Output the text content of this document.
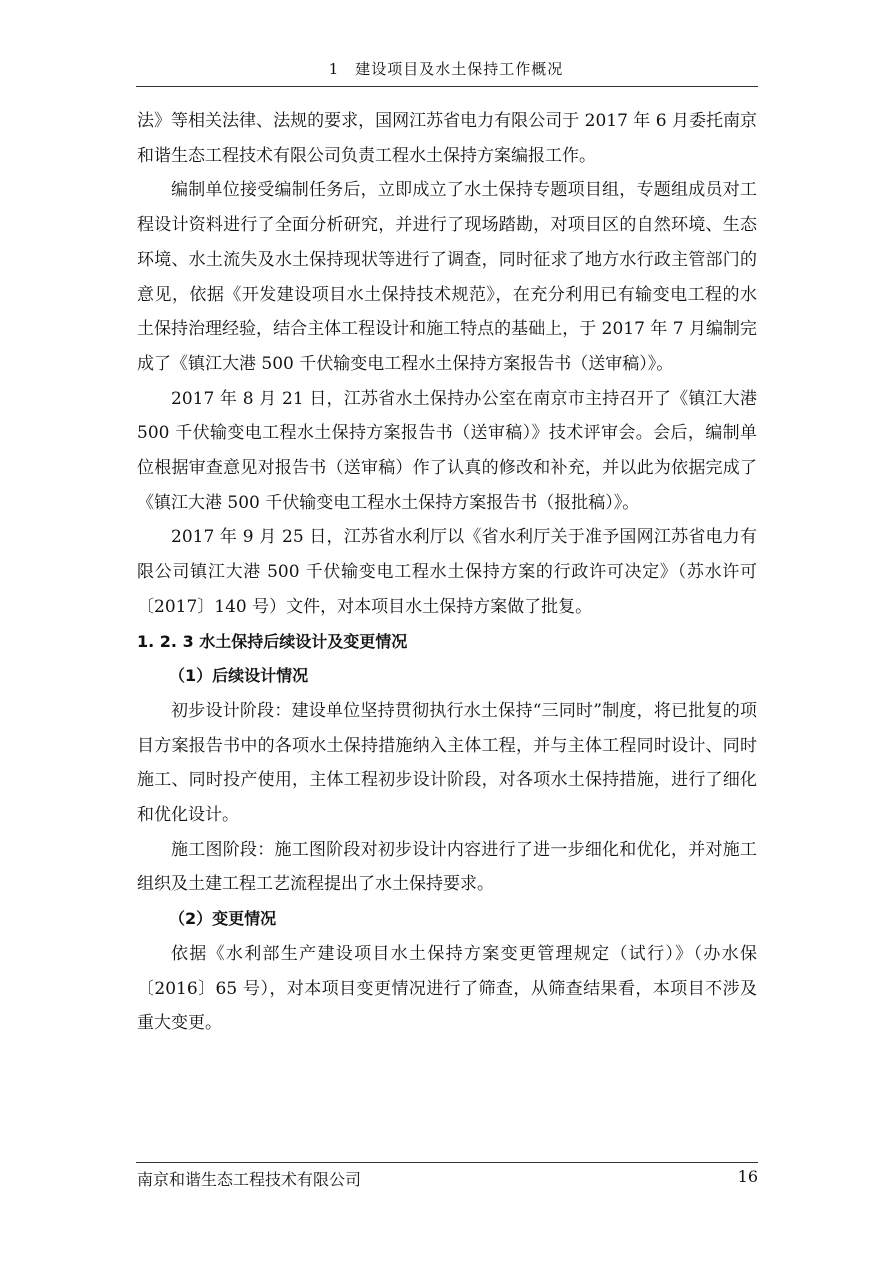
1　建设项目及水土保持工作概况

法》等相关法律、法规的要求，国网江苏省电力有限公司于 2017 年 6 月委托南京和谐生态工程技术有限公司负责工程水土保持方案编报工作。

编制单位接受编制任务后，立即成立了水土保持专题项目组，专题组成员对工程设计资料进行了全面分析研究，并进行了现场踏勘，对项目区的自然环境、生态环境、水土流失及水土保持现状等进行了调查，同时征求了地方水行政主管部门的意见，依据《开发建设项目水土保持技术规范》，在充分利用已有输变电工程的水土保持治理经验，结合主体工程设计和施工特点的基础上，于 2017 年 7 月编制完成了《镇江大港 500 千伏输变电工程水土保持方案报告书（送审稿）》。

2017 年 8 月 21 日，江苏省水土保持办公室在南京市主持召开了《镇江大港 500 千伏输变电工程水土保持方案报告书（送审稿）》技术评审会。会后，编制单位根据审查意见对报告书（送审稿）作了认真的修改和补充，并以此为依据完成了《镇江大港 500 千伏输变电工程水土保持方案报告书（报批稿）》。

2017 年 9 月 25 日，江苏省水利厅以《省水利厅关于准予国网江苏省电力有限公司镇江大港 500 千伏输变电工程水土保持方案的行政许可决定》（苏水许可〔2017〕140 号）文件，对本项目水土保持方案做了批复。

1. 2. 3 水土保持后续设计及变更情况

（1）后续设计情况

初步设计阶段：建设单位坚持贯彻执行水土保持“三同时”制度，将已批复的项目方案报告书中的各项水土保持措施纳入主体工程，并与主体工程同时设计、同时施工、同时投产使用，主体工程初步设计阶段，对各项水土保持措施，进行了细化和优化设计。

施工图阶段：施工图阶段对初步设计内容进行了进一步细化和优化，并对施工组织及土建工程工艺流程提出了水土保持要求。

（2）变更情况

依据《水利部生产建设项目水土保持方案变更管理规定（试行）》（办水保〔2016〕65 号），对本项目变更情况进行了筛查，从筛查结果看，本项目不涉及重大变更。

南京和谐生态工程技术有限公司	16
